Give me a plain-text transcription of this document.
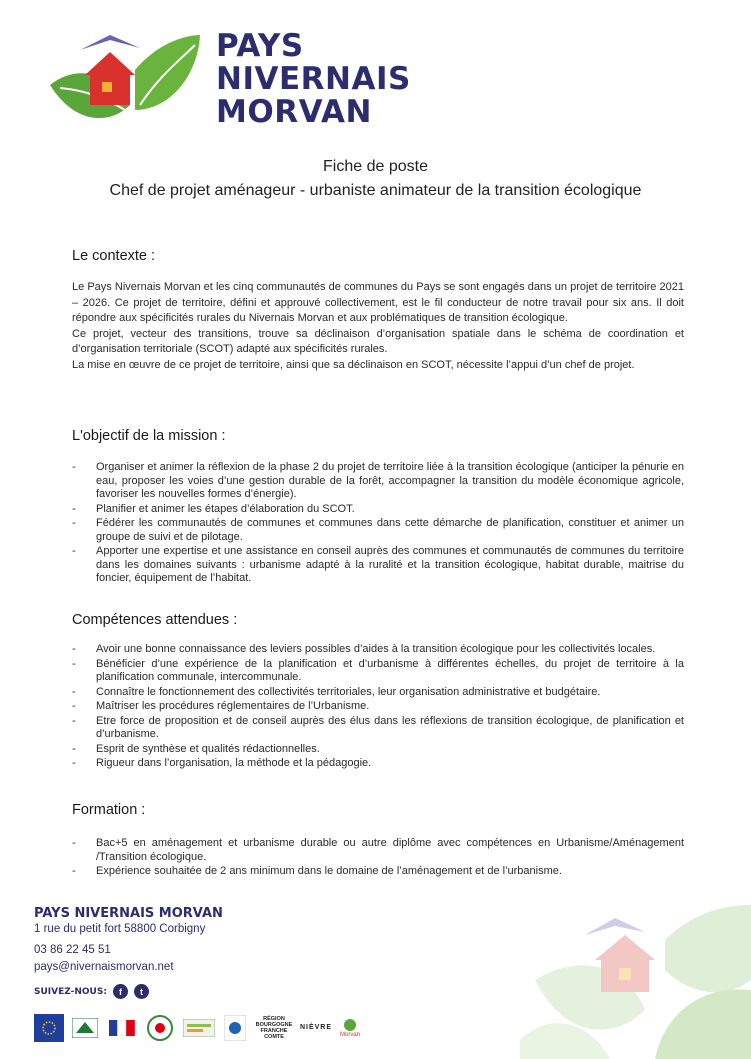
PAYS
NIVERNAIS
MORVAN
Fiche de poste
Chef de projet aménageur - urbaniste animateur de la transition écologique
Le contexte :

Le Pays Nivernais Morvan et les cinq communautés de communes du Pays se sont engagés dans un projet de territoire 2021 – 2026. Ce projet de territoire, défini et approuvé collectivement, est le fil conducteur de notre travail pour six ans. Il doit répondre aux spécificités rurales du Nivernais Morvan et aux problématiques de transition écologique.

Ce projet, vecteur des transitions, trouve sa déclinaison d’organisation spatiale dans le schéma de coordination et d’organisation territoriale (SCOT) adapté aux spécificités rurales.

La mise en œuvre de ce projet de territoire, ainsi que sa déclinaison en SCOT, nécessite l’appui d’un chef de projet.

L'objectif de la mission :
- Organiser et animer la réflexion de la phase 2 du projet de territoire liée à la transition écologique (anticiper la pénurie en eau, proposer les voies d’une gestion durable de la forêt, accompagner la transition du modèle économique agricole, favoriser les nouvelles formes d’énergie).
- Planifier et animer les étapes d’élaboration du SCOT.
- Fédérer les communautés de communes et communes dans cette démarche de planification, constituer et animer un groupe de suivi et de pilotage.
- Apporter une expertise et une assistance en conseil auprès des communes et communautés de communes du territoire dans les domaines suivants : urbanisme adapté à la ruralité et la transition écologique, habitat durable, maitrise du foncier, équipement de l’habitat.
Compétences attendues :
- Avoir une bonne connaissance des leviers possibles d’aides à la transition écologique pour les collectivités locales.
- Bénéficier d’une expérience de la planification et d’urbanisme à différentes échelles, du projet de territoire à la planification communale, intercommunale.
- Connaître le fonctionnement des collectivités territoriales, leur organisation administrative et budgétaire.
- Maîtriser les procédures réglementaires de l’Urbanisme.
- Etre force de proposition et de conseil auprès des élus dans les réflexions de transition écologique, de planification et d’urbanisme.
- Esprit de synthèse et qualités rédactionnelles.
- Rigueur dans l’organisation, la méthode et la pédagogie.
Formation :
- Bac+5 en aménagement et urbanisme durable ou autre diplôme avec compétences en Urbanisme/Aménagement /Transition écologique.
- Expérience souhaitée de 2 ans minimum dans le domaine de l’aménagement et de l’urbanisme.
PAYS NIVERNAIS MORVAN
1 rue du petit fort 58800 Corbigny
03 86 22 45 51
pays@nivernaismorvan.net
SUIVEZ-NOUS:	f	t
RÉGION BOURGOGNE FRANCHE COMTE
NIÈVRE
Morvan
